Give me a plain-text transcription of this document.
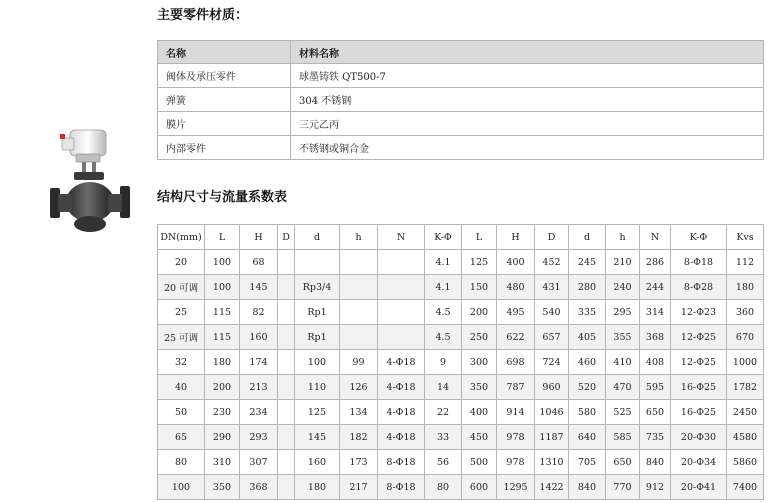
主要零件材质：
名称	材料名称
阀体及承压零件	球墨铸铁 QT500-7
弹簧	304 不锈钢
膜片	三元乙丙
内部零件	不锈钢或铜合金
结构尺寸与流量系数表
DN(mm)	L	H	D	d	h	N	K-Φ	L	H	D	d	h	N	K-Φ	Kvs
20	100	68					4.1	125	400	452	245	210	286	8-Φ18	112
20 可调	100	145		Rp3/4			4.1	150	480	431	280	240	244	8-Φ28	180
25	115	82		Rp1			4.5	200	495	540	335	295	314	12-Φ23	360
25 可调	115	160		Rp1			4.5	250	622	657	405	355	368	12-Φ25	670
32	180	174		100	99	4-Φ18	9	300	698	724	460	410	408	12-Φ25	1000
40	200	213		110	126	4-Φ18	14	350	787	960	520	470	595	16-Φ25	1782
50	230	234		125	134	4-Φ18	22	400	914	1046	580	525	650	16-Φ25	2450
65	290	293		145	182	4-Φ18	33	450	978	1187	640	585	735	20-Φ30	4580
80	310	307		160	173	8-Φ18	56	500	978	1310	705	650	840	20-Φ34	5860
100	350	368		180	217	8-Φ18	80	600	1295	1422	840	770	912	20-Φ41	7400
